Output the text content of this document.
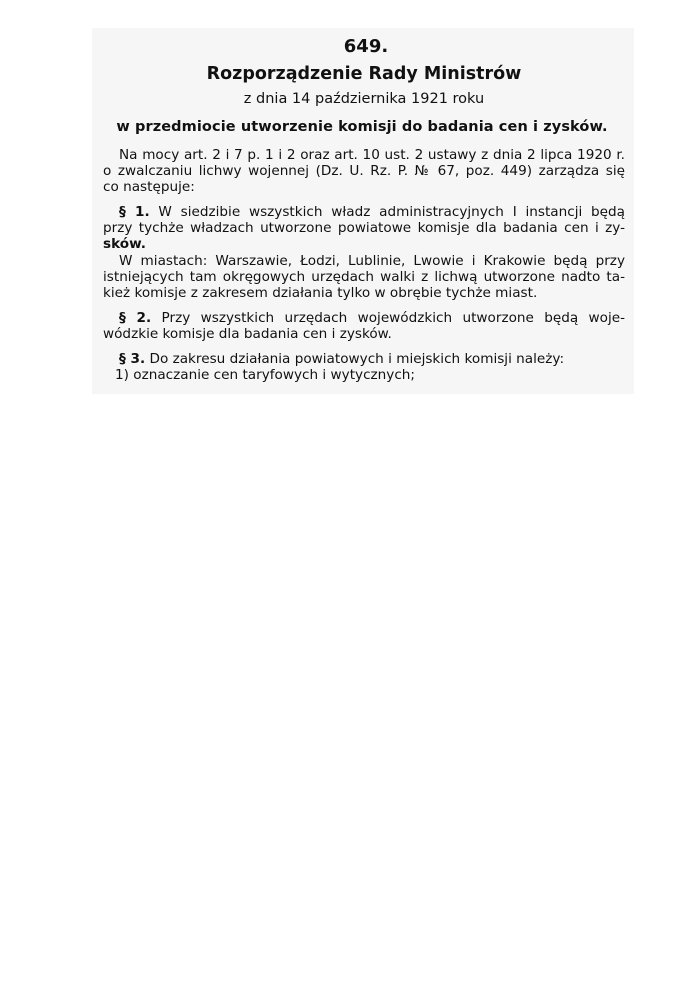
649.
Rozporządzenie Rady Ministrów
z dnia 14 października 1921 roku
w przedmiocie utworzenie komisji do badania cen i zysków.
Na mocy art. 2 i 7 p. 1 i 2 oraz art. 10 ust. 2 ustawy z dnia 2 lipca 1920 r.
o zwalczaniu lichwy wojennej (Dz. U. Rz. P. № 67, poz. 449) zarządza się
co następuje:
§ 1. W siedzibie wszystkich władz administracyjnych I instancji będą
przy tychże władzach utworzone powiatowe komisje dla badania cen i zy-
sków.
W miastach: Warszawie, Łodzi, Lublinie, Lwowie i Krakowie będą przy
istniejących tam okręgowych urzędach walki z lichwą utworzone nadto ta-
kież komisje z zakresem działania tylko w obrębie tychże miast.
§ 2. Przy wszystkich urzędach wojewódzkich utworzone będą woje-
wódzkie komisje dla badania cen i zysków.
§ 3. Do zakresu działania powiatowych i miejskich komisji należy:
1) oznaczanie cen taryfowych i wytycznych;
